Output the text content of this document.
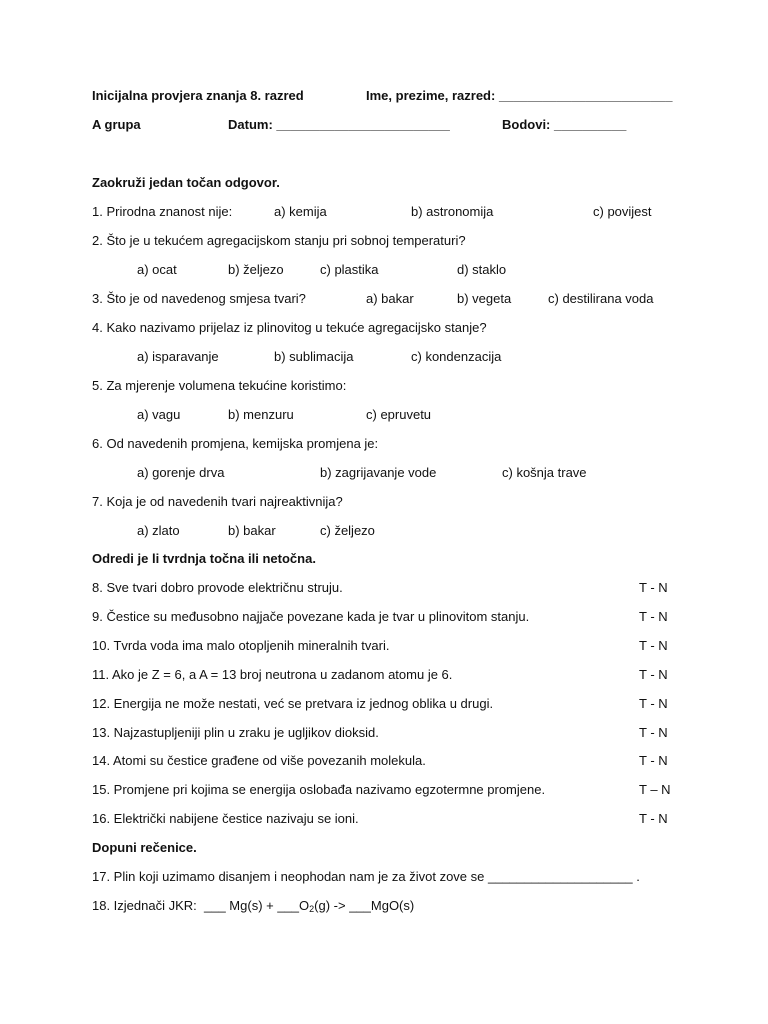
Inicijalna provjera znanja 8. razred	Ime, prezime, razred: ________________________
A grupa	Datum: ________________________	Bodovi: __________
Zaokruži jedan točan odgovor.
1. Prirodna znanost nije:	a) kemija	b) astronomija	c) povijest
2. Što je u tekućem agregacijskom stanju pri sobnoj temperaturi?
a) ocat	b) željezo	c) plastika	d) staklo
3. Što je od navedenog smjesa tvari?	a) bakar	b) vegeta	c) destilirana voda
4. Kako nazivamo prijelaz iz plinovitog u tekuće agregacijsko stanje?
a) isparavanje	b) sublimacija	c) kondenzacija
5. Za mjerenje volumena tekućine koristimo:
a) vagu	b) menzuru	c) epruvetu
6. Od navedenih promjena, kemijska promjena je:
a) gorenje drva	b) zagrijavanje vode	c) košnja trave
7. Koja je od navedenih tvari najreaktivnija?
a) zlato	b) bakar	c) željezo
Odredi je li tvrdnja točna ili netočna.
8. Sve tvari dobro provode električnu struju.	T - N
9. Čestice su međusobno najjače povezane kada je tvar u plinovitom stanju.	T - N
10. Tvrda voda ima malo otopljenih mineralnih tvari.	T - N
11. Ako je Z = 6, a A = 13 broj neutrona u zadanom atomu je 6.	T - N
12. Energija ne može nestati, već se pretvara iz jednog oblika u drugi.	T - N
13. Najzastupljeniji plin u zraku je ugljikov dioksid.	T - N
14. Atomi su čestice građene od više povezanih molekula.	T - N
15. Promjene pri kojima se energija oslobađa nazivamo egzotermne promjene.	T – N
16. Električki nabijene čestice nazivaju se ioni.	T - N
Dopuni rečenice.
17. Plin koji uzimamo disanjem i neophodan nam je za život zove se ____________________ .
18. Izjednači JKR:  ___ $Mg(s) + \_\_\_O_2(g)$ -> ___MgO(s)
